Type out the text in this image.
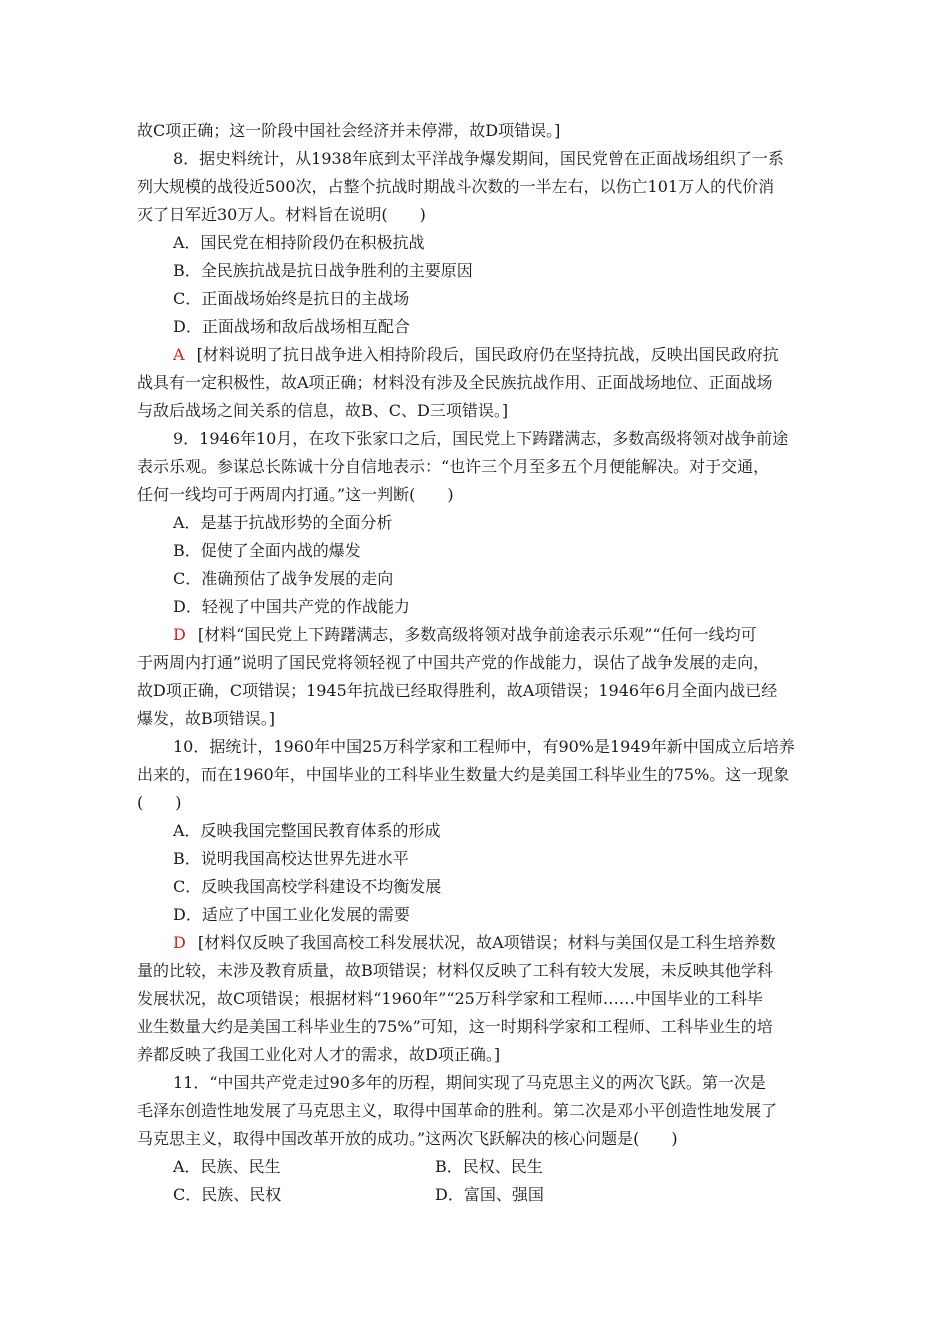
故C项正确；这一阶段中国社会经济并未停滞，故D项错误。]
8．据史料统计，从1938年底到太平洋战争爆发期间，国民党曾在正面战场组织了一系
列大规模的战役近500次，占整个抗战时期战斗次数的一半左右，以伤亡101万人的代价消
灭了日军近30万人。材料旨在说明(　　)
A．国民党在相持阶段仍在积极抗战
B．全民族抗战是抗日战争胜利的主要原因
C．正面战场始终是抗日的主战场
D．正面战场和敌后战场相互配合
A [材料说明了抗日战争进入相持阶段后，国民政府仍在坚持抗战，反映出国民政府抗
战具有一定积极性，故A项正确；材料没有涉及全民族抗战作用、正面战场地位、正面战场
与敌后战场之间关系的信息，故B、C、D三项错误。]
9．1946年10月，在攻下张家口之后，国民党上下踌躇满志，多数高级将领对战争前途
表示乐观。参谋总长陈诚十分自信地表示：“也许三个月至多五个月便能解决。对于交通，
任何一线均可于两周内打通。”这一判断(　　)
A．是基于抗战形势的全面分析
B．促使了全面内战的爆发
C．准确预估了战争发展的走向
D．轻视了中国共产党的作战能力
D [材料“国民党上下踌躇满志，多数高级将领对战争前途表示乐观”“任何一线均可
于两周内打通”说明了国民党将领轻视了中国共产党的作战能力，误估了战争发展的走向，
故D项正确，C项错误；1945年抗战已经取得胜利，故A项错误；1946年6月全面内战已经
爆发，故B项错误。]
10．据统计，1960年中国25万科学家和工程师中，有90%是1949年新中国成立后培养
出来的，而在1960年，中国毕业的工科毕业生数量大约是美国工科毕业生的75%。这一现象
(　　)
A．反映我国完整国民教育体系的形成
B．说明我国高校达世界先进水平
C．反映我国高校学科建设不均衡发展
D．适应了中国工业化发展的需要
D [材料仅反映了我国高校工科发展状况，故A项错误；材料与美国仅是工科生培养数
量的比较，未涉及教育质量，故B项错误；材料仅反映了工科有较大发展，未反映其他学科
发展状况，故C项错误；根据材料“1960年”“25万科学家和工程师……中国毕业的工科毕
业生数量大约是美国工科毕业生的75%”可知，这一时期科学家和工程师、工科毕业生的培
养都反映了我国工业化对人才的需求，故D项正确。]
11．“中国共产党走过90多年的历程，期间实现了马克思主义的两次飞跃。第一次是
毛泽东创造性地发展了马克思主义，取得中国革命的胜利。第二次是邓小平创造性地发展了
马克思主义，取得中国改革开放的成功。”这两次飞跃解决的核心问题是(　　)
A．民族、民生	B．民权、民生
C．民族、民权	D．富国、强国
